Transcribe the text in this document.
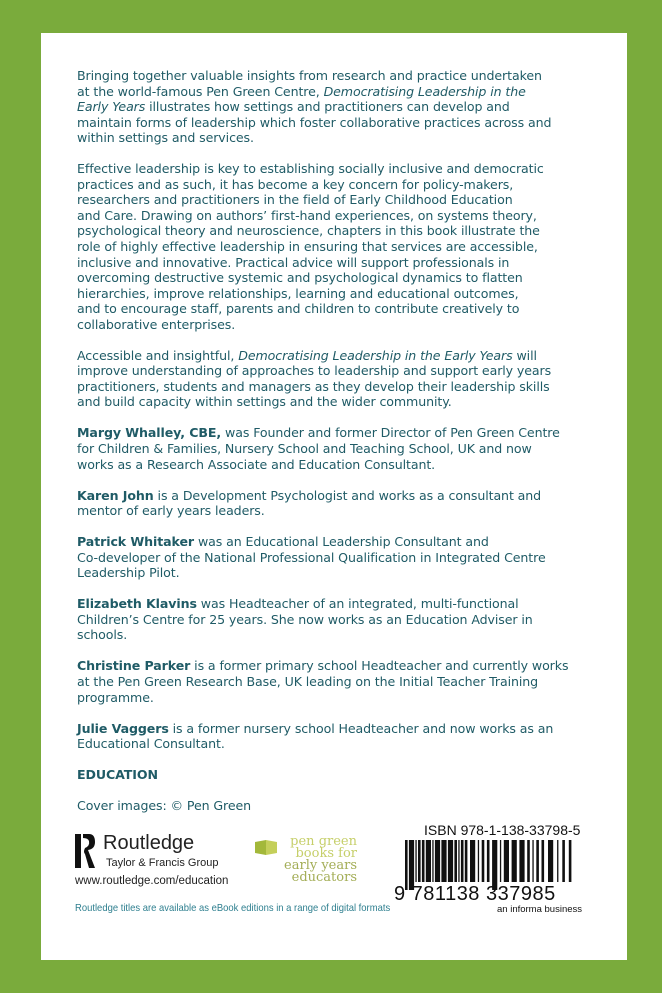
Bringing together valuable insights from research and practice undertaken
at the world-famous Pen Green Centre, Democratising Leadership in the
Early Years illustrates how settings and practitioners can develop and
maintain forms of leadership which foster collaborative practices across and
within settings and services.
Effective leadership is key to establishing socially inclusive and democratic
practices and as such, it has become a key concern for policy-makers,
researchers and practitioners in the field of Early Childhood Education
and Care. Drawing on authors’ first-hand experiences, on systems theory,
psychological theory and neuroscience, chapters in this book illustrate the
role of highly effective leadership in ensuring that services are accessible,
inclusive and innovative. Practical advice will support professionals in
overcoming destructive systemic and psychological dynamics to flatten
hierarchies, improve relationships, learning and educational outcomes,
and to encourage staff, parents and children to contribute creatively to
collaborative enterprises.
Accessible and insightful, Democratising Leadership in the Early Years will
improve understanding of approaches to leadership and support early years
practitioners, students and managers as they develop their leadership skills
and build capacity within settings and the wider community.
Margy Whalley, CBE, was Founder and former Director of Pen Green Centre
for Children & Families, Nursery School and Teaching School, UK and now
works as a Research Associate and Education Consultant.
Karen John is a Development Psychologist and works as a consultant and
mentor of early years leaders.
Patrick Whitaker was an Educational Leadership Consultant and
Co-developer of the National Professional Qualification in Integrated Centre
Leadership Pilot.
Elizabeth Klavins was Headteacher of an integrated, multi-functional
Children’s Centre for 25 years. She now works as an Education Adviser in
schools.
Christine Parker is a former primary school Headteacher and currently works
at the Pen Green Research Base, UK leading on the Initial Teacher Training
programme.
Julie Vaggers is a former nursery school Headteacher and now works as an
Educational Consultant.
EDUCATION
Cover images: © Pen Green
Routledge
Taylor & Francis Group
www.routledge.com/education
Routledge titles are available as eBook editions in a range of digital formats
pen green
books for
early years
educators
ISBN 978-1-138-33798-5
9 781138 337985
an informa business
